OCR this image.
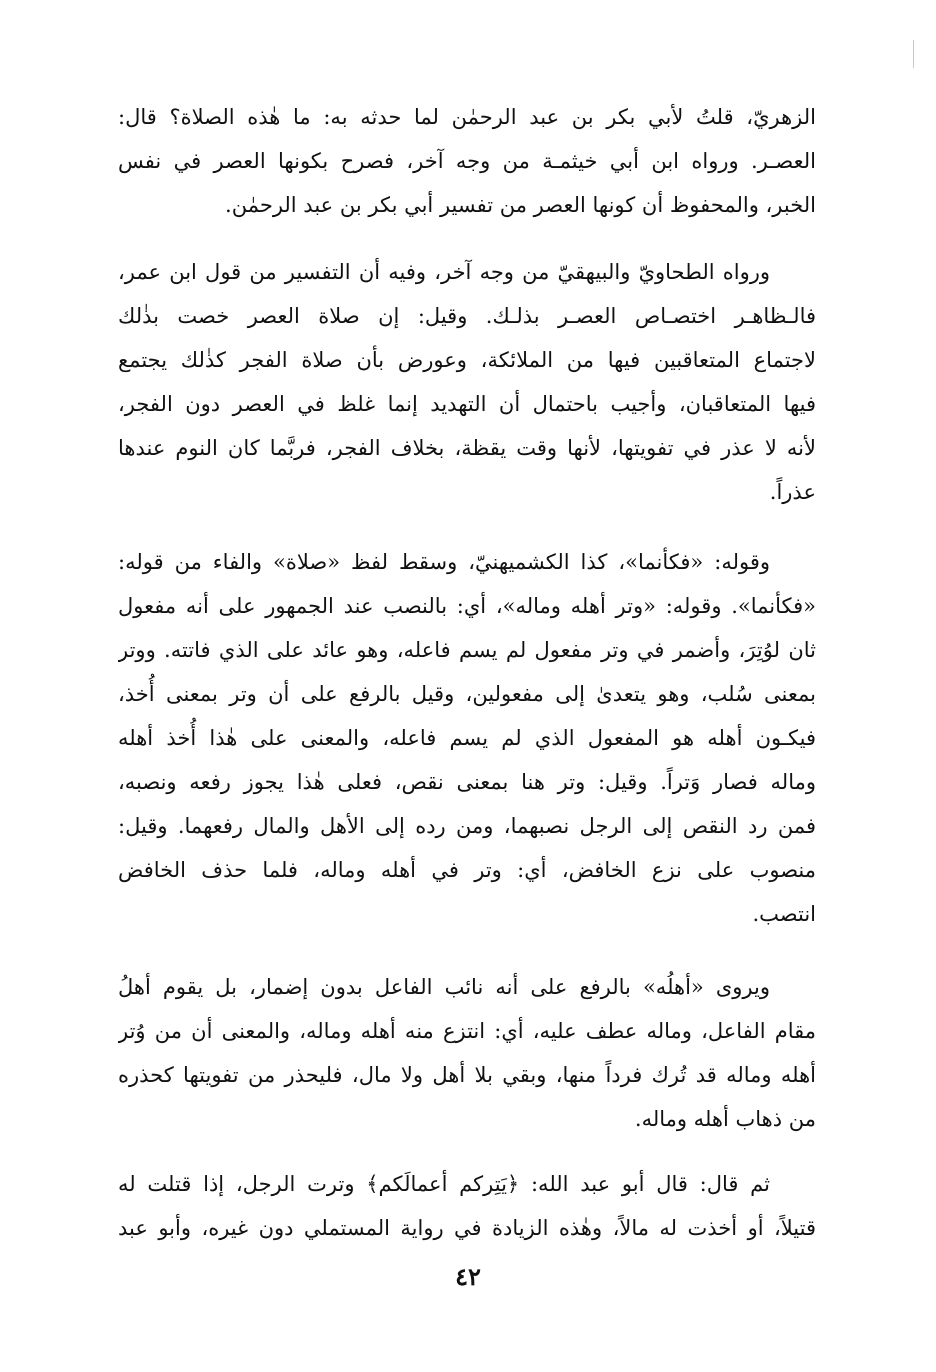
الزهريّ، قلتُ لأبي بكر بن عبد الرحمٰن لما حدثه به: ما هٰذه الصلاة؟ قال:
العصـر. ورواه ابن أبي خيثمـة من وجه آخر، فصرح بكونها العصر في نفس
الخبر، والمحفوظ أن كونها العصر من تفسير أبي بكر بن عبد الرحمٰن.
ورواه الطحاويّ والبيهقيّ من وجه آخر، وفيه أن التفسير من قول ابن عمر،
فالـظاهـر اختصـاص العصـر بذلـك. وقيل: إن صلاة العصر خصت بذٰلك
لاجتماع المتعاقبين فيها من الملائكة، وعورض بأن صلاة الفجر كذٰلك يجتمع
فيها المتعاقبان، وأجيب باحتمال أن التهديد إنما غلظ في العصر دون الفجر،
لأنه لا عذر في تفويتها، لأنها وقت يقظة، بخلاف الفجر، فربَّما كان النوم عندها
عذراً.
وقوله: «فكأنما»، كذا الكشميهنيّ، وسقط لفظ «صلاة» والفاء من قوله:
«فكأنما». وقوله: «وتر أهله وماله»، أي: بالنصب عند الجمهور على أنه مفعول
ثان لوُتِرَ، وأضمر في وتر مفعول لم يسم فاعله، وهو عائد على الذي فاتته. ووتر
بمعنى سُلب، وهو يتعدىٰ إلى مفعولين، وقيل بالرفع على أن وتر بمعنى أُخذ،
فيكـون أهله هو المفعول الذي لم يسم فاعله، والمعنى على هٰذا أُخذ أهله
وماله فصار وَتراً. وقيل: وتر هنا بمعنى نقص، فعلى هٰذا يجوز رفعه ونصبه،
فمن رد النقص إلى الرجل نصبهما، ومن رده إلى الأهل والمال رفعهما. وقيل:
منصوب على نزع الخافض، أي: وتر في أهله وماله، فلما حذف الخافض
انتصب.
ويروى «أهلُه» بالرفع على أنه نائب الفاعل بدون إضمار، بل يقوم أهلُ
مقام الفاعل، وماله عطف عليه، أي: انتزع منه أهله وماله، والمعنى أن من وُتر
أهله وماله قد تُرك فرداً منها، وبقي بلا أهل ولا مال، فليحذر من تفويتها كحذره
من ذهاب أهله وماله.
ثم قال: قال أبو عبد الله: ﴿يَتِركم أعمالَكم﴾ وترت الرجل، إذا قتلت له
قتيلاً، أو أخذت له مالاً، وهٰذه الزيادة في رواية المستملي دون غيره، وأبو عبد
٤٢
